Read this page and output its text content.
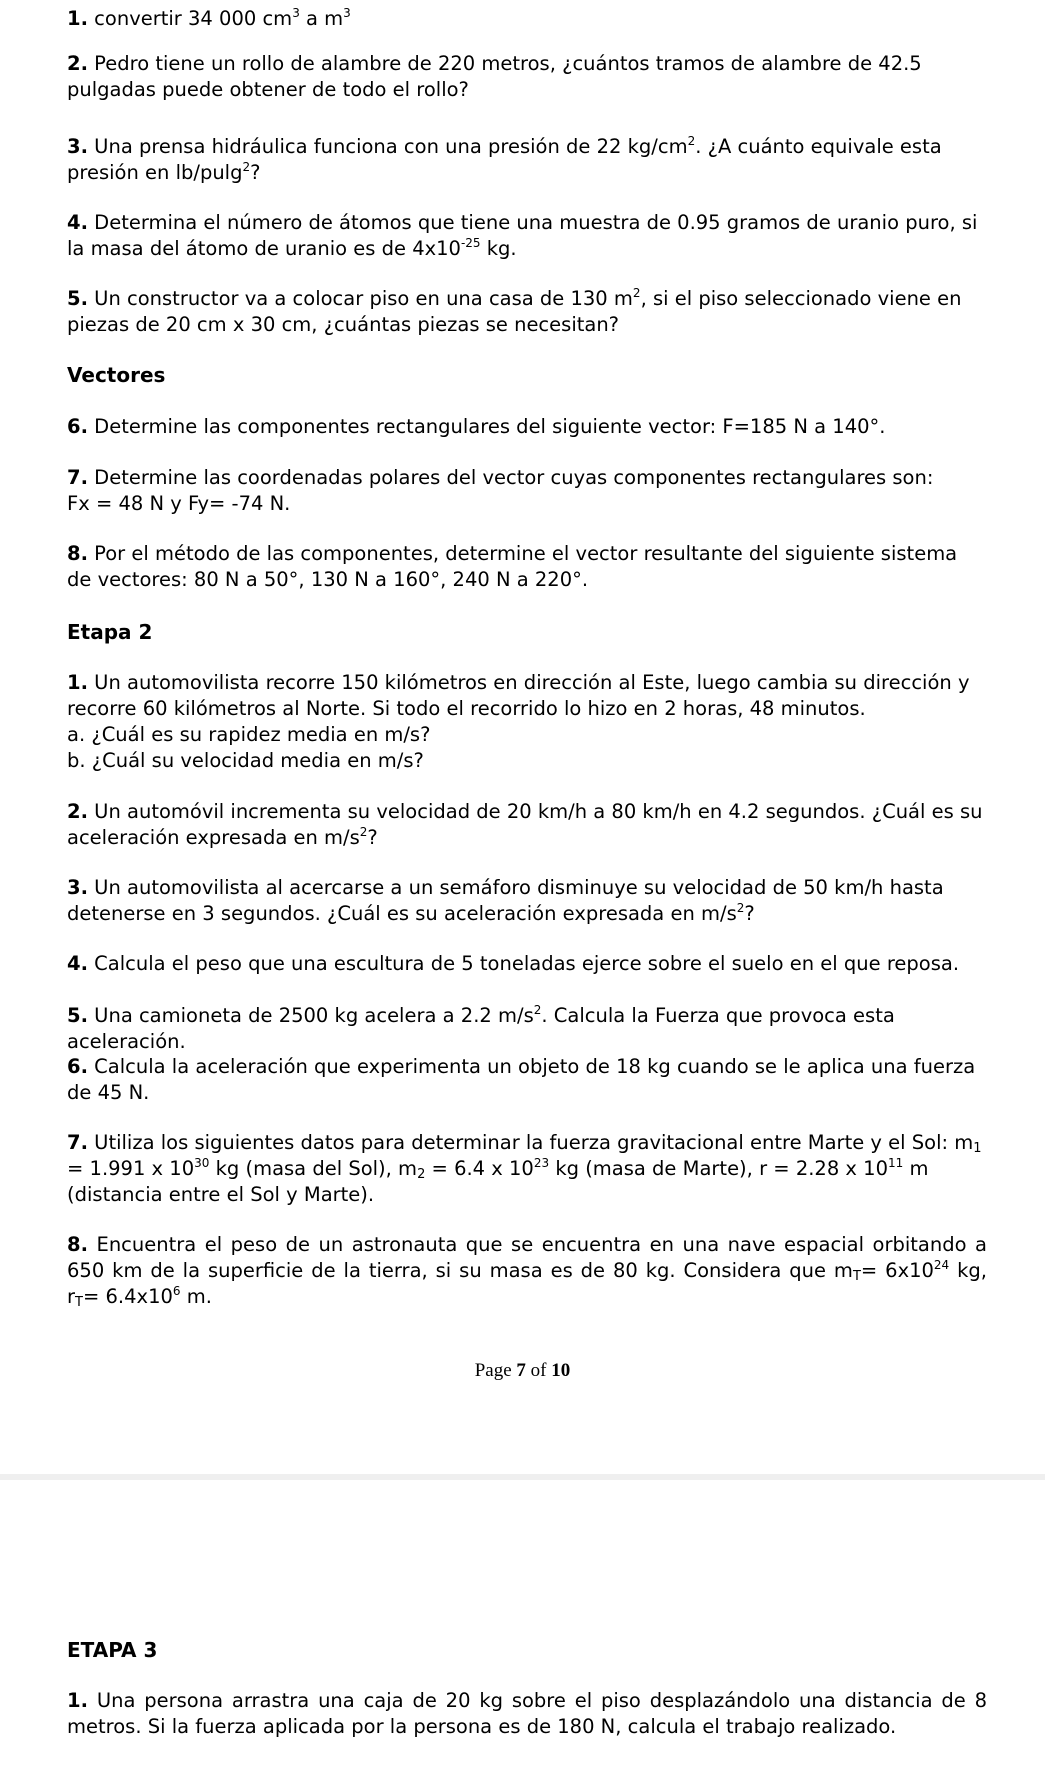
1. convertir 34 000 $cm^3$ a $m^3$
2. Pedro tiene un rollo de alambre de 220 metros, ¿cuántos tramos de alambre de 42.5 pulgadas puede obtener de todo el rollo?
3. Una prensa hidráulica funciona con una presión de 22 $kg/cm^2$. ¿A cuánto equivale esta presión en lb/pulg$^2$?
4. Determina el número de átomos que tiene una muestra de 0.95 gramos de uranio puro, si la masa del átomo de uranio es de $4x10^{-25}$ kg.
5. Un constructor va a colocar piso en una casa de 130 $m^2$, si el piso seleccionado viene en piezas de 20 cm x 30 cm, ¿cuántas piezas se necesitan?
Vectores
6. Determine las componentes rectangulares del siguiente vector: F=185 N a 140°.
7. Determine las coordenadas polares del vector cuyas componentes rectangulares son:
Fx = 48 N y Fy= -74 N.
8. Por el método de las componentes, determine el vector resultante del siguiente sistema de vectores: 80 N a 50°, 130 N a 160°, 240 N a 220°.
Etapa 2
1. Un automovilista recorre 150 kilómetros en dirección al Este, luego cambia su dirección y recorre 60 kilómetros al Norte. Si todo el recorrido lo hizo en 2 horas, 48 minutos.
a. ¿Cuál es su rapidez media en m/s?
b. ¿Cuál su velocidad media en m/s?
2. Un automóvil incrementa su velocidad de 20 km/h a 80 km/h en 4.2 segundos. ¿Cuál es su aceleración expresada en $m/s^2$?
3. Un automovilista al acercarse a un semáforo disminuye su velocidad de 50 km/h hasta detenerse en 3 segundos. ¿Cuál es su aceleración expresada en $m/s^2$?
4. Calcula el peso que una escultura de 5 toneladas ejerce sobre el suelo en el que reposa.
5. Una camioneta de 2500 kg acelera a 2.2 $m/s^2$. Calcula la Fuerza que provoca esta aceleración.
6. Calcula la aceleración que experimenta un objeto de 18 kg cuando se le aplica una fuerza de 45 N.
7. Utiliza los siguientes datos para determinar la fuerza gravitacional entre Marte y el Sol: $m_1 = 1.991$ x $10^{30}$ kg (masa del Sol), $m_2 = 6.4$ x $10^{23}$ kg (masa de Marte), r = 2.28 x $10^{11}$ m (distancia entre el Sol y Marte).
8. Encuentra el peso de un astronauta que se encuentra en una nave espacial orbitando a 650 km de la superficie de la tierra, si su masa es de 80 kg. Considera que $m_T= 6x10^{24}$ kg, $r_T= 6.4x10^6$ m.
Page 7 of 10
ETAPA 3
1. Una persona arrastra una caja de 20 kg sobre el piso desplazándolo una distancia de 8 metros. Si la fuerza aplicada por la persona es de 180 N, calcula el trabajo realizado.
